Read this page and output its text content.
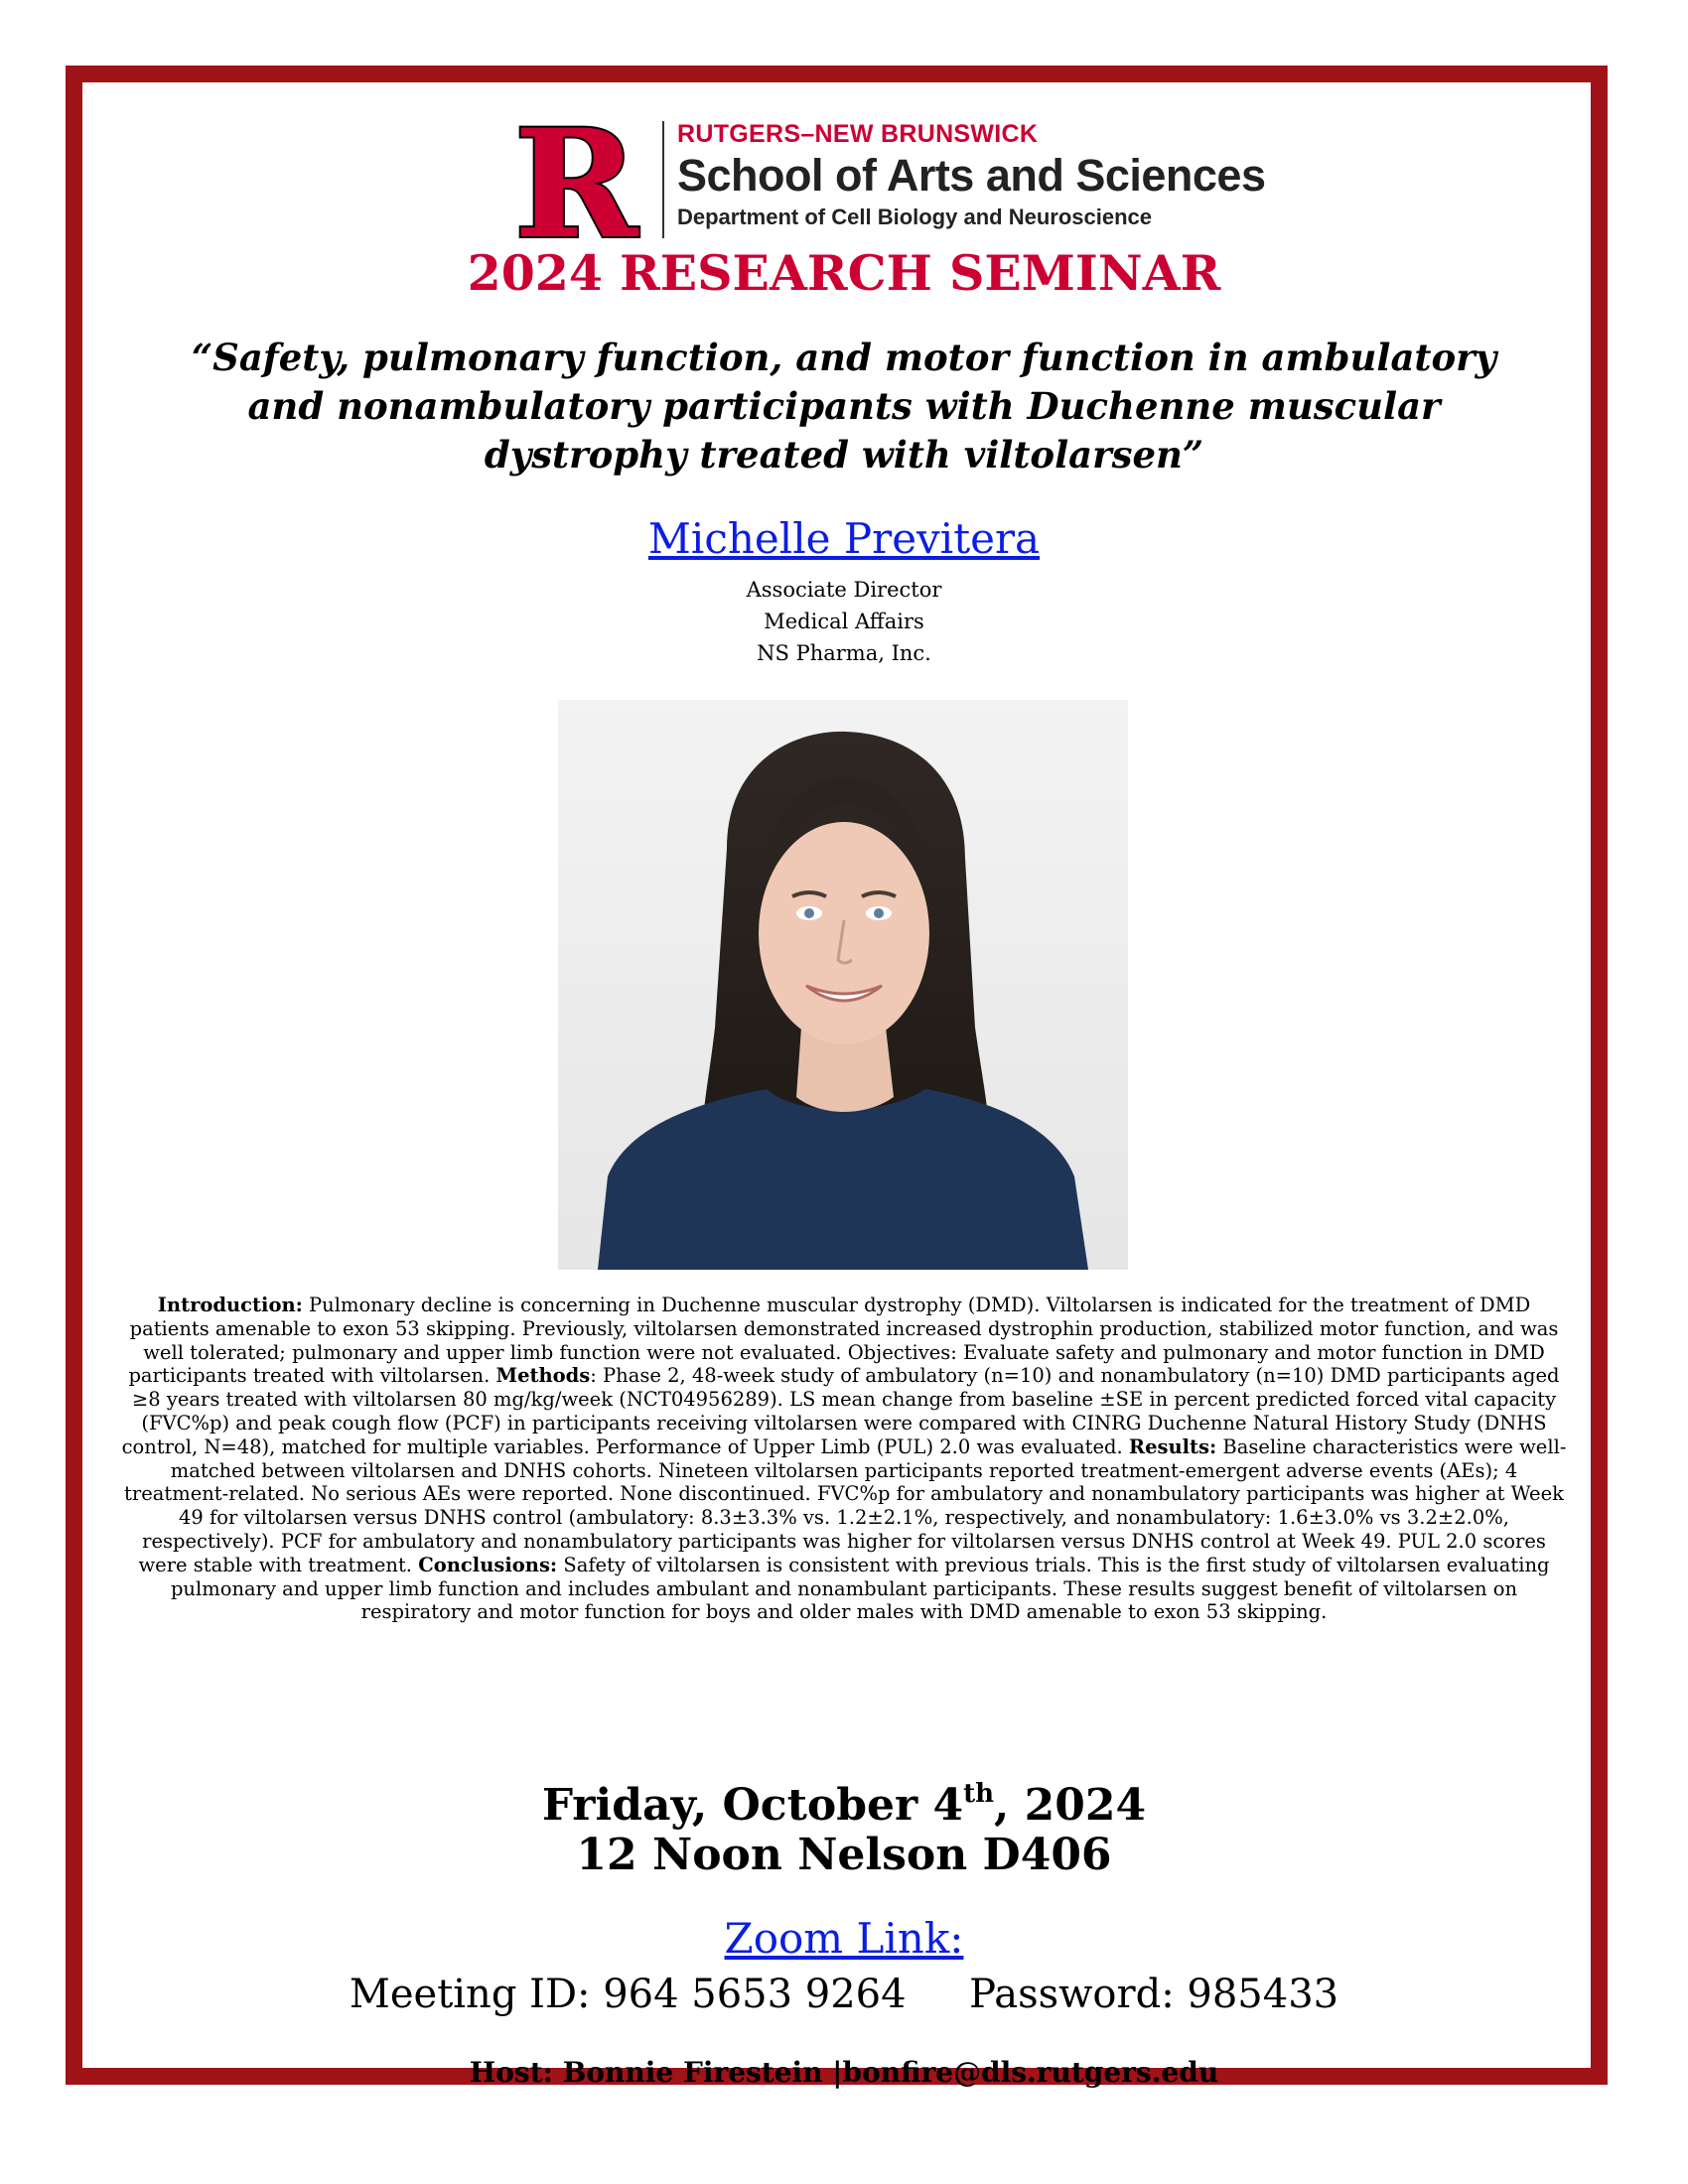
R RUTGERS–NEW BRUNSWICK
School of Arts and Sciences
Department of Cell Biology and Neuroscience
2024 RESEARCH SEMINAR
“Safety, pulmonary function, and motor function in ambulatory
and nonambulatory participants with Duchenne muscular
dystrophy treated with viltolarsen”
Michelle Previtera
Associate Director
Medical Affairs
NS Pharma, Inc.
Introduction: Pulmonary decline is concerning in Duchenne muscular dystrophy (DMD). Viltolarsen is indicated for the treatment of DMD patients amenable to exon 53 skipping. Previously, viltolarsen demonstrated increased dystrophin production, stabilized motor function, and was well tolerated; pulmonary and upper limb function were not evaluated. Objectives: Evaluate safety and pulmonary and motor function in DMD participants treated with viltolarsen. Methods: Phase 2, 48-week study of ambulatory (n=10) and nonambulatory (n=10) DMD participants aged ≥8 years treated with viltolarsen 80 mg/kg/week (NCT04956289). LS mean change from baseline ±SE in percent predicted forced vital capacity (FVC%p) and peak cough flow (PCF) in participants receiving viltolarsen were compared with CINRG Duchenne Natural History Study (DNHS control, N=48), matched for multiple variables. Performance of Upper Limb (PUL) 2.0 was evaluated. Results: Baseline characteristics were well-matched between viltolarsen and DNHS cohorts. Nineteen viltolarsen participants reported treatment-emergent adverse events (AEs); 4 treatment-related. No serious AEs were reported. None discontinued. FVC%p for ambulatory and nonambulatory participants was higher at Week 49 for viltolarsen versus DNHS control (ambulatory: 8.3±3.3% vs. 1.2±2.1%, respectively, and nonambulatory: 1.6±3.0% vs 3.2±2.0%, respectively). PCF for ambulatory and nonambulatory participants was higher for viltolarsen versus DNHS control at Week 49. PUL 2.0 scores were stable with treatment. Conclusions: Safety of viltolarsen is consistent with previous trials. This is the first study of viltolarsen evaluating pulmonary and upper limb function and includes ambulant and nonambulant participants. These results suggest benefit of viltolarsen on respiratory and motor function for boys and older males with DMD amenable to exon 53 skipping.
Friday, October 4th, 2024
12 Noon Nelson D406
Zoom Link:
Meeting ID: 964 5653 9264     Password: 985433
Host: Bonnie Firestein |bonfire@dls.rutgers.edu
